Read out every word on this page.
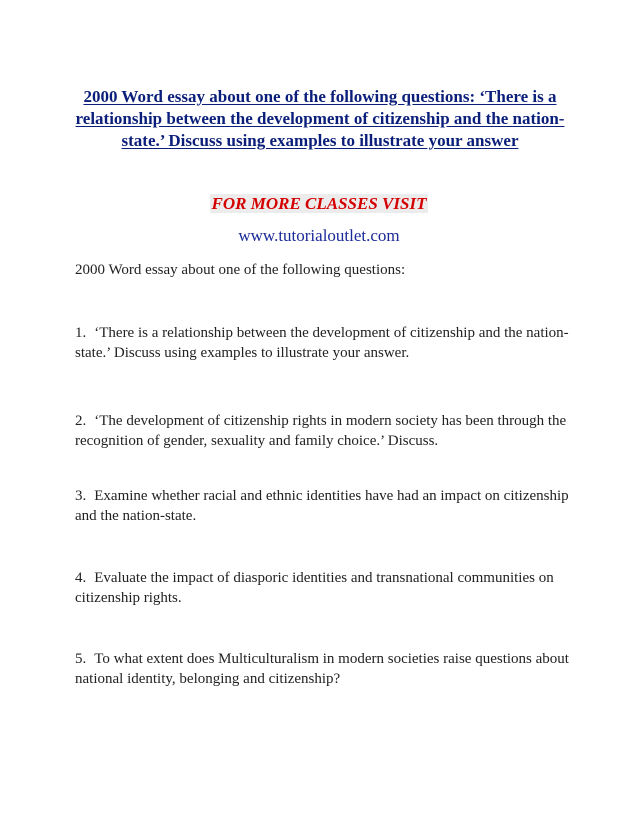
2000 Word essay about one of the following questions: ‘There is a relationship between the development of citizenship and the nation-state.’ Discuss using examples to illustrate your answer
FOR MORE CLASSES VISIT
www.tutorialoutlet.com
2000 Word essay about one of the following questions:
1. ‘There is a relationship between the development of citizenship and the nation-state.’ Discuss using examples to illustrate your answer.
2. ‘The development of citizenship rights in modern society has been through the recognition of gender, sexuality and family choice.’ Discuss.
3. Examine whether racial and ethnic identities have had an impact on citizenship and the nation-state.
4. Evaluate the impact of diasporic identities and transnational communities on citizenship rights.
5. To what extent does Multiculturalism in modern societies raise questions about national identity, belonging and citizenship?
